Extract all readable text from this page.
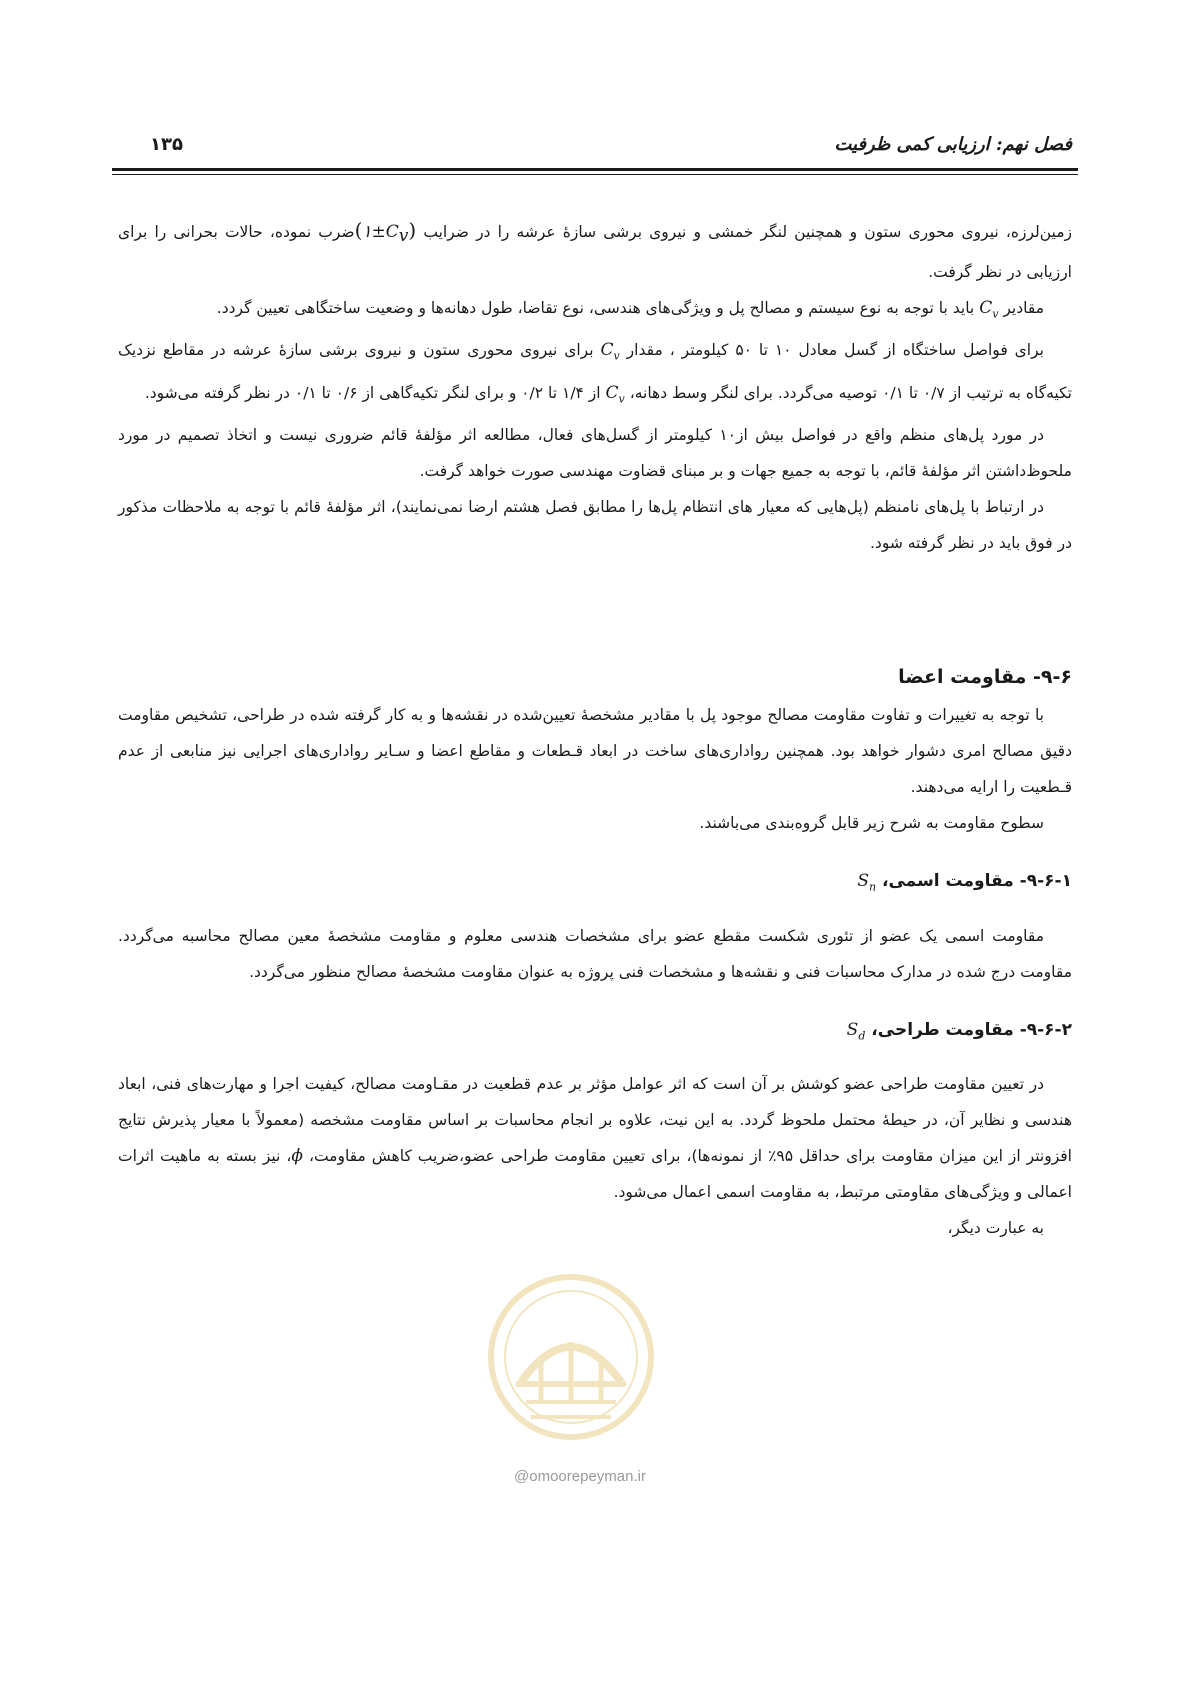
فصل نهم: ارزیابی کمی ظرفیت
۱۳۵

زمین‌لرزه، نیروی محوری ستون و همچنین لنگر خمشی و نیروی برشی سازهٔ عرشه را در ضرایب $(۱\pm C_v)ضرب$ نموده، حالات بحرانی را برای ارزیابی در نظر گرفت.

مقادیر $C_v$ باید با توجه به نوع سیستم و مصالح پل و ویژگی‌های هندسی، نوع تقاضا، طول دهانه‌ها و وضعیت ساختگاهی تعیین گردد.

برای فواصل ساختگاه از گسل معادل ۱۰ تا ۵۰ کیلومتر ، مقدار $C_v$ برای نیروی محوری ستون و نیروی برشی سازهٔ عرشه در مقاطع نزدیک تکیه‌گاه به ترتیب از ۰/۷ تا ۰/۱ توصیه می‌گردد. برای لنگر وسط دهانه، $C_v$ از ۱/۴ تا ۰/۲ و برای لنگر تکیه‌گاهی از ۰/۶ تا ۰/۱ در نظر گرفته می‌شود.

در مورد پل‌های منظم واقع در فواصل بیش از۱۰ کیلومتر از گسل‌های فعال، مطالعه اثر مؤلفهٔ قائم ضروری نیست و اتخاذ تصمیم در مورد ملحوظ‌داشتن اثر مؤلفهٔ قائم، با توجه به جمیع جهات و بر مبنای قضاوت مهندسی صورت خواهد گرفت.

در ارتباط با پل‌های نامنظم (پل‌هایی که معیار های انتظام پل‌ها را مطابق فصل هشتم ارضا نمی‌نمایند)، اثر مؤلفهٔ قائم با توجه به ملاحظات مذکور در فوق باید در نظر گرفته شود.

۹-۶- مقاومت اعضا

با توجه به تغییرات و تفاوت مقاومت مصالح موجود پل با مقادیر مشخصهٔ تعیین‌شده در نقشه‌ها و به کار گرفته شده در طراحی، تشخیص مقاومت دقیق مصالح امری دشوار خواهد بود. همچنین رواداری‌های ساخت در ابعاد قـطعات و مقاطع اعضا و سـایر رواداری‌های اجرایی نیز منابعی از عدم قـطعیت را ارایه می‌دهند.

سطوح مقاومت به شرح زیر قابل گروه‌بندی می‌باشند.

۹-۶-۱- مقاومت اسمی، $S_n$

مقاومت اسمی یک عضو از تئوری شکست مقطع عضو برای مشخصات هندسی معلوم و مقاومت مشخصهٔ معین مصالح محاسبه می‌گردد. مقاومت درج شده در مدارک محاسبات فنی و نقشه‌ها و مشخصات فنی پروژه به عنوان مقاومت مشخصهٔ مصالح منظور می‌گردد.

۹-۶-۲- مقاومت طراحی، $S_d$

در تعیین مقاومت طراحی عضو کوشش بر آن است که اثر عوامل مؤثر بر عدم قطعیت در مقـاومت مصالح، کیفیت اجرا و مهارت‌های فنی، ابعاد هندسی و نظایر آن، در حیطهٔ محتمل ملحوظ گردد. به این نیت، علاوه بر انجام محاسبات بر اساس مقاومت مشخصه (معمولاً با معیار پذیرش نتایج افزونتر از این میزان مقاومت برای حداقل ۹۵٪ از نمونه‌ها)، برای تعیین مقاومت طراحی عضو،ضریب کاهش مقاومت، ϕ، نیز بسته به ماهیت اثرات اعمالی و ویژگی‌های مقاومتی مرتبط، به مقاومت اسمی اعمال می‌شود.

به عبارت دیگر،

@omoorepeyman.ir
